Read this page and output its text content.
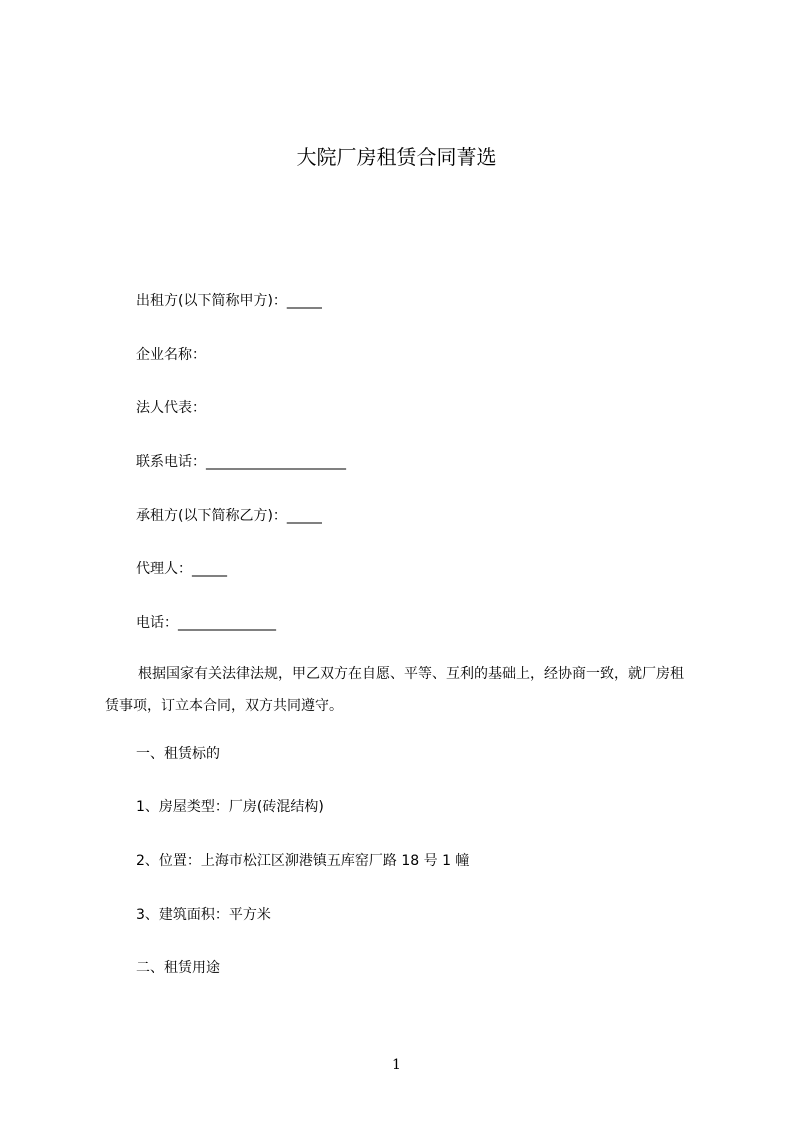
大院厂房租赁合同菁选
出租方(以下简称甲方)：_____
企业名称：
法人代表：
联系电话：____________________
承租方(以下简称乙方)：_____
代理人：_____
电话：______________
根据国家有关法律法规，甲乙双方在自愿、平等、互利的基础上，经协商一致，就厂房租赁事项，订立本合同，双方共同遵守。
一、租赁标的
1、房屋类型：厂房(砖混结构)
2、位置：上海市松江区泖港镇五库窑厂路 18 号 1 幢
3、建筑面积：平方米
二、租赁用途
1
